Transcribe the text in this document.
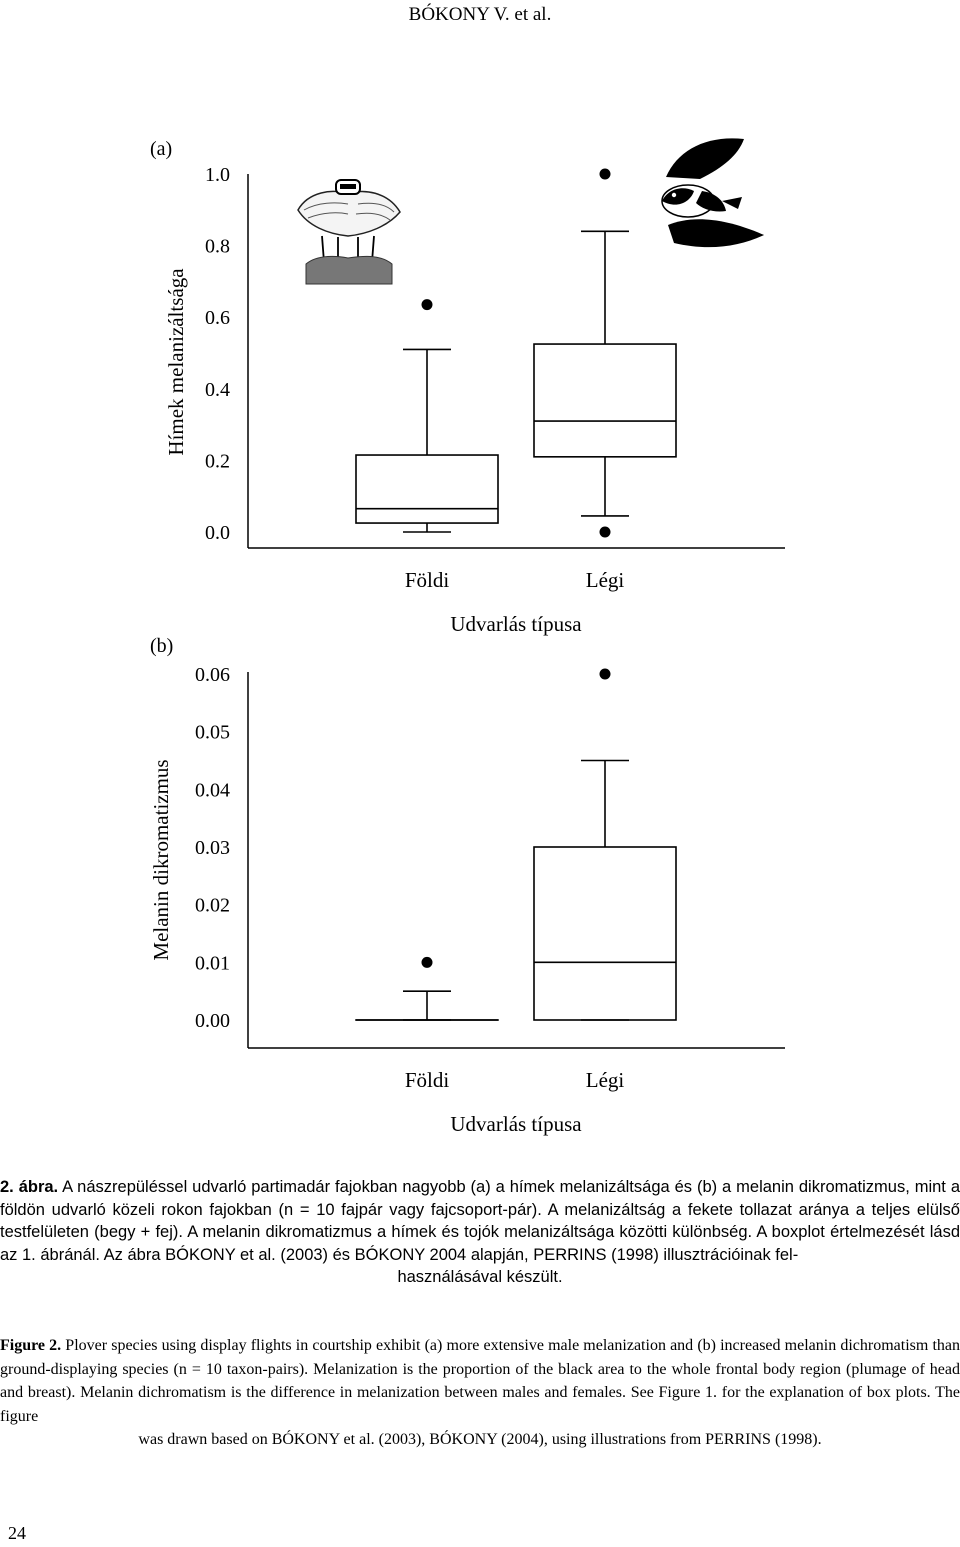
BÓKONY V. et al.
(a)
Hímek melanizáltsága
1.0
0.8
0.6
0.4
0.2
0.0
Földi	Légi
Udvarlás típusa
(b)
Melanin dikromatizmus
0.06
0.05
0.04
0.03
0.02
0.01
0.00
Földi	Légi
Udvarlás típusa

2. ábra. A nászrepüléssel udvarló partimadár fajokban nagyobb (a) a hímek melanizáltsága és (b) a melanin dikromatizmus, mint a földön udvarló közeli rokon fajokban (n = 10 fajpár vagy fajcsoport-pár). A melanizáltság a fekete tollazat aránya a teljes elülső testfelületen (begy + fej). A melanin dikromatizmus a hímek és tojók melanizáltsága közötti különbség. A boxplot értelmezését lásd az 1. ábránál. Az ábra BÓKONY et al. (2003) és BÓKONY 2004 alapján, PERRINS (1998) illusztrációinak fel-

használásával készült.

Figure 2. Plover species using display flights in courtship exhibit (a) more extensive male melanization and (b) increased melanin dichromatism than ground-displaying species (n = 10 taxon-pairs). Melanization is the proportion of the black area to the whole frontal body region (plumage of head and breast). Melanin dichromatism is the difference in melanization between males and females. See Figure 1. for the explanation of box plots. The figure

was drawn based on BÓKONY et al. (2003), BÓKONY (2004), using illustrations from PERRINS (1998).

24
